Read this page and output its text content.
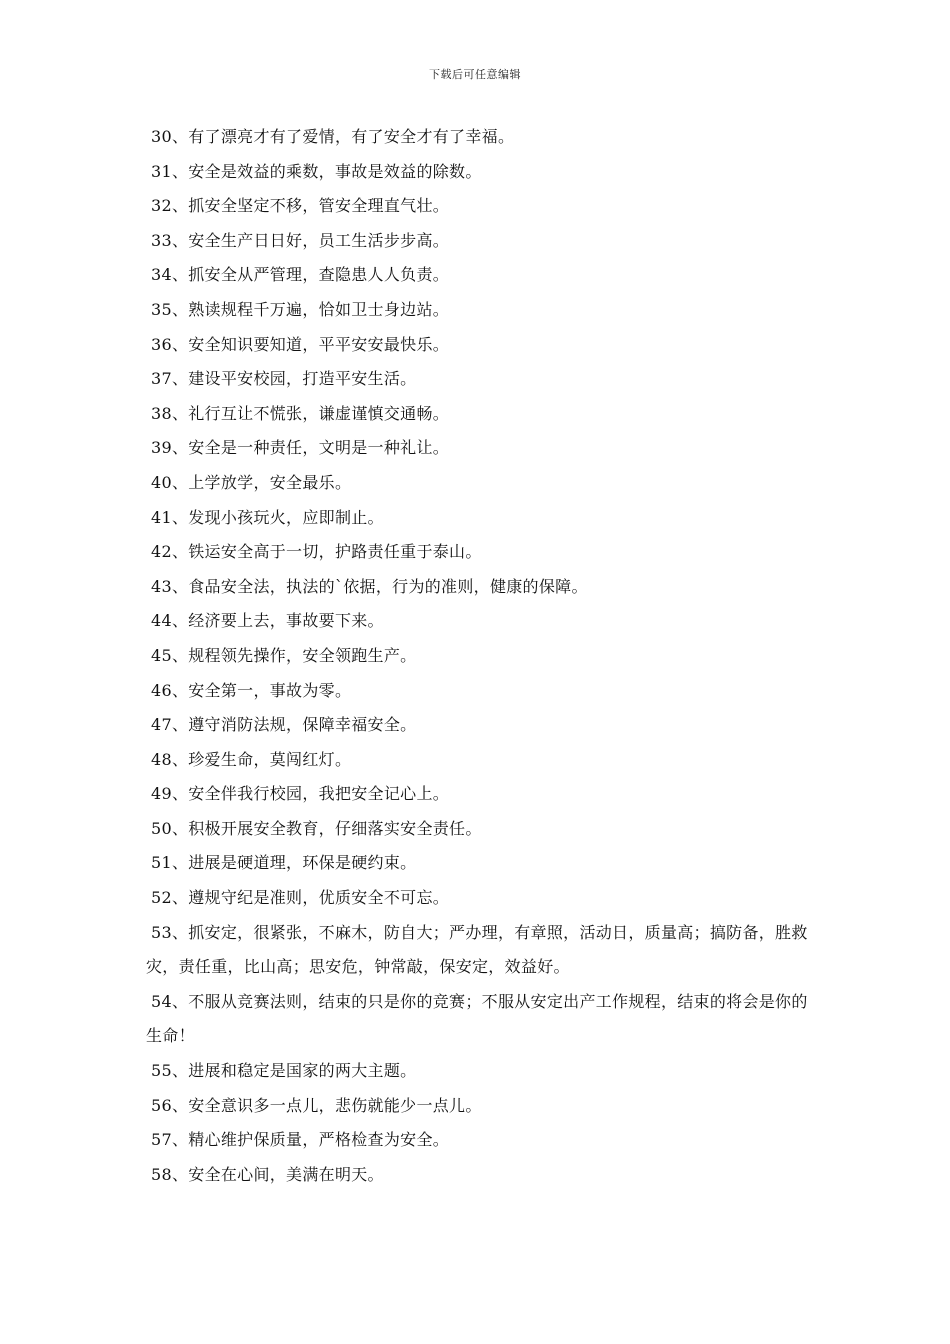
下载后可任意编辑

30、有了漂亮才有了爱情，有了安全才有了幸福。

31、安全是效益的乘数，事故是效益的除数。

32、抓安全坚定不移，管安全理直气壮。

33、安全生产日日好，员工生活步步高。

34、抓安全从严管理，查隐患人人负责。

35、熟读规程千万遍，恰如卫士身边站。

36、安全知识要知道，平平安安最快乐。

37、建设平安校园，打造平安生活。

38、礼行互让不慌张，谦虚谨慎交通畅。

39、安全是一种责任，文明是一种礼让。

40、上学放学，安全最乐。

41、发现小孩玩火，应即制止。

42、铁运安全高于一切，护路责任重于泰山。

43、食品安全法，执法的`依据，行为的准则，健康的保障。

44、经济要上去，事故要下来。

45、规程领先操作，安全领跑生产。

46、安全第一，事故为零。

47、遵守消防法规，保障幸福安全。

48、珍爱生命，莫闯红灯。

49、安全伴我行校园，我把安全记心上。

50、积极开展安全教育，仔细落实安全责任。

51、进展是硬道理，环保是硬约束。

52、遵规守纪是准则，优质安全不可忘。

53、抓安定，很紧张，不麻木，防自大；严办理，有章照，活动日，质量高；搞防备，胜救灾，责任重，比山高；思安危，钟常敲，保安定，效益好。

54、不服从竞赛法则，结束的只是你的竞赛；不服从安定出产工作规程，结束的将会是你的生命！

55、进展和稳定是国家的两大主题。

56、安全意识多一点儿，悲伤就能少一点儿。

57、精心维护保质量，严格检查为安全。

58、安全在心间，美满在明天。
